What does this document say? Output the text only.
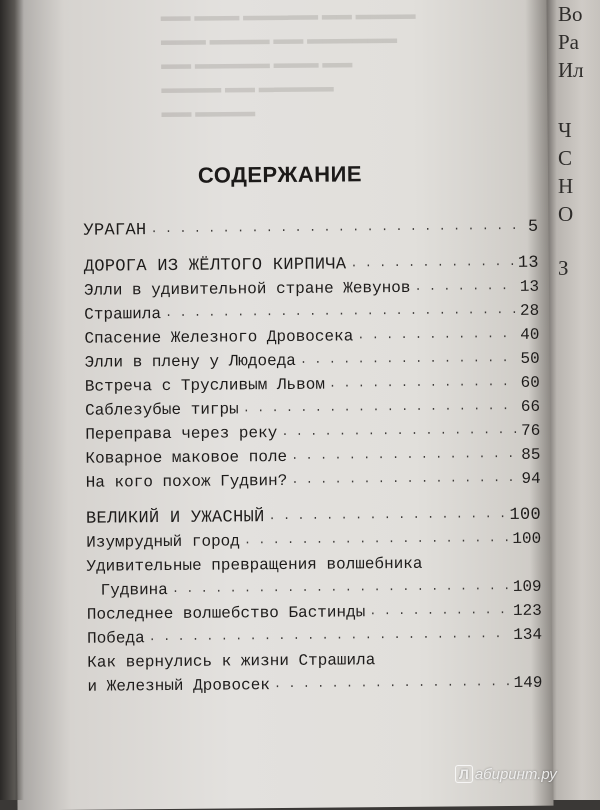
Во
Ра
Ил
Ч
С
Н
О
З
▬▬ ▬▬▬ ▬▬▬▬▬ ▬▬ ▬▬▬▬
▬▬▬ ▬▬▬▬ ▬▬ ▬▬▬▬▬▬
▬▬ ▬▬▬▬▬ ▬▬▬ ▬▬
▬▬▬▬ ▬▬ ▬▬▬▬▬
▬▬ ▬▬▬▬
СОДЕРЖАНИЕ
УРАГАН . . .	5
ДОРОГА ИЗ ЖЁЛТОГО КИРПИЧА . . .	13
Элли в удивительной стране Жевунов . . .	13
Страшила . . .	28
Спасение Железного Дровосека . . .	40
Элли в плену у Людоеда . . .	50
Встреча с Трусливым Львом . . .	60
Саблезубые тигры . . .	66
Переправа через реку . . .	76
Коварное маковое поле . . .	85
На кого похож Гудвин? . . .	94
ВЕЛИКИЙ И УЖАСНЫЙ . . .	100
Изумрудный город . . .	100
Удивительные превращения волшебника
Гудвина . . .	109
Последнее волшебство Бастинды . . .	123
Победа . . .	134
Как вернулись к жизни Страшила
и Железный Дровосек . . .	149
Л абиринт.ру
